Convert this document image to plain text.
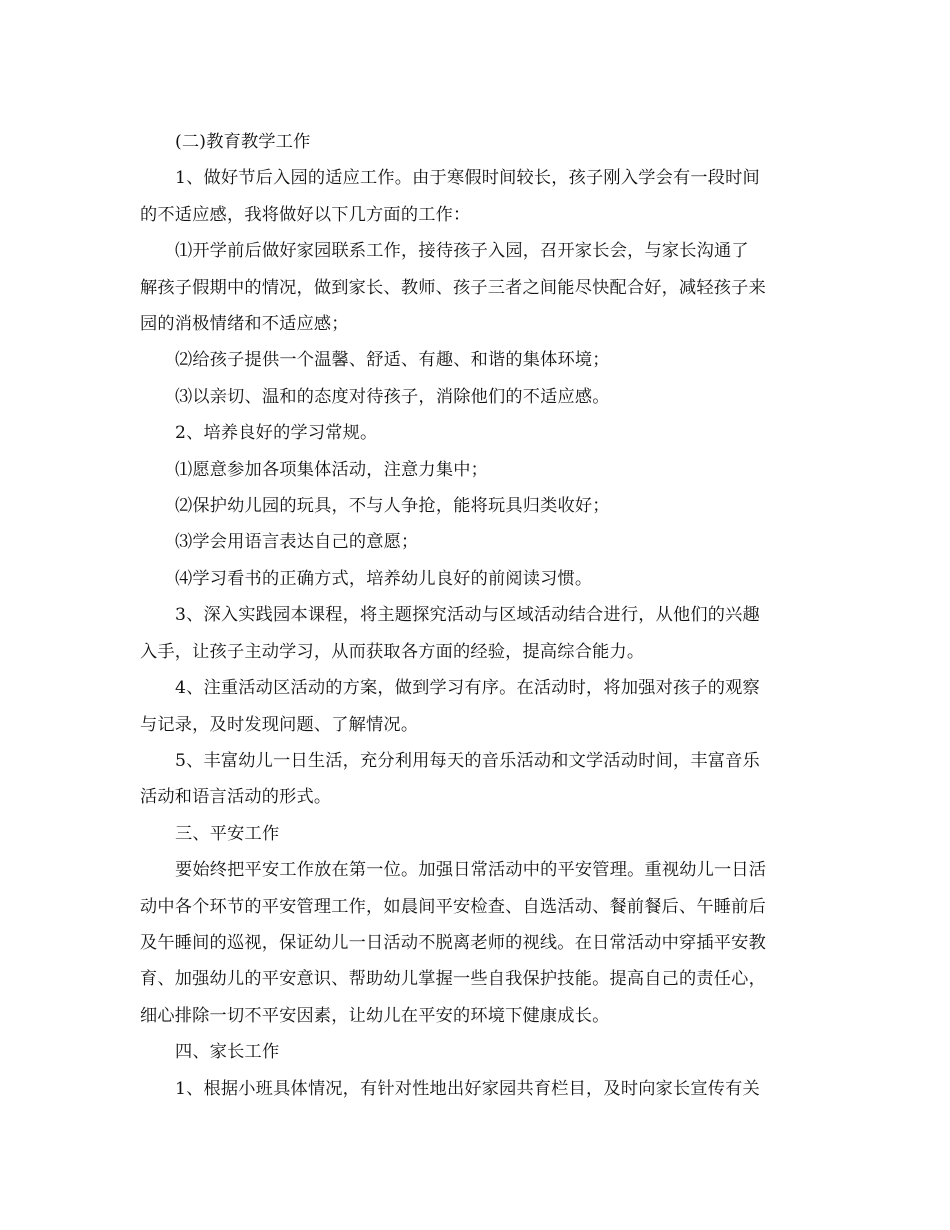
(二)教育教学工作
1、做好节后入园的适应工作。由于寒假时间较长，孩子刚入学会有一段时间
的不适应感，我将做好以下几方面的工作：
⑴开学前后做好家园联系工作，接待孩子入园，召开家长会，与家长沟通了
解孩子假期中的情况，做到家长、教师、孩子三者之间能尽快配合好，减轻孩子来
园的消极情绪和不适应感；
⑵给孩子提供一个温馨、舒适、有趣、和谐的集体环境；
⑶以亲切、温和的态度对待孩子，消除他们的不适应感。
2、培养良好的学习常规。
⑴愿意参加各项集体活动，注意力集中；
⑵保护幼儿园的玩具，不与人争抢，能将玩具归类收好；
⑶学会用语言表达自己的意愿；
⑷学习看书的正确方式，培养幼儿良好的前阅读习惯。
3、深入实践园本课程，将主题探究活动与区域活动结合进行，从他们的兴趣
入手，让孩子主动学习，从而获取各方面的经验，提高综合能力。
4、注重活动区活动的方案，做到学习有序。在活动时，将加强对孩子的观察
与记录，及时发现问题、了解情况。
5、丰富幼儿一日生活，充分利用每天的音乐活动和文学活动时间，丰富音乐
活动和语言活动的形式。
三、平安工作
要始终把平安工作放在第一位。加强日常活动中的平安管理。重视幼儿一日活
动中各个环节的平安管理工作，如晨间平安检查、自选活动、餐前餐后、午睡前后
及午睡间的巡视，保证幼儿一日活动不脱离老师的视线。在日常活动中穿插平安教
育、加强幼儿的平安意识、帮助幼儿掌握一些自我保护技能。提高自己的责任心，
细心排除一切不平安因素，让幼儿在平安的环境下健康成长。
四、家长工作
1、根据小班具体情况，有针对性地出好家园共育栏目，及时向家长宣传有关
